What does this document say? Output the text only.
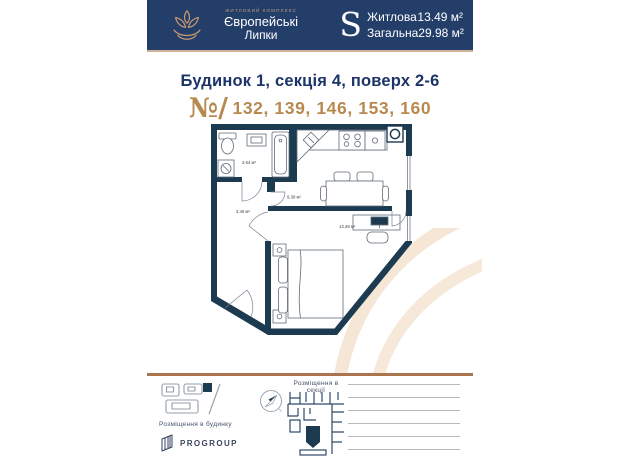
ЖИТЛОВИЙ КОМПЛЕКС
Європейські
Липки	S Житлова 13.49 м²
Загальна 29.98 м²
Будинок 1, секція 4, поверх 2-6
№/ 132, 139, 146, 153, 160
3.64 м²
9.39 м²
3.46 м²
13.49 м²
Розміщення в будинку
Розміщення в секції
PROGROUP
